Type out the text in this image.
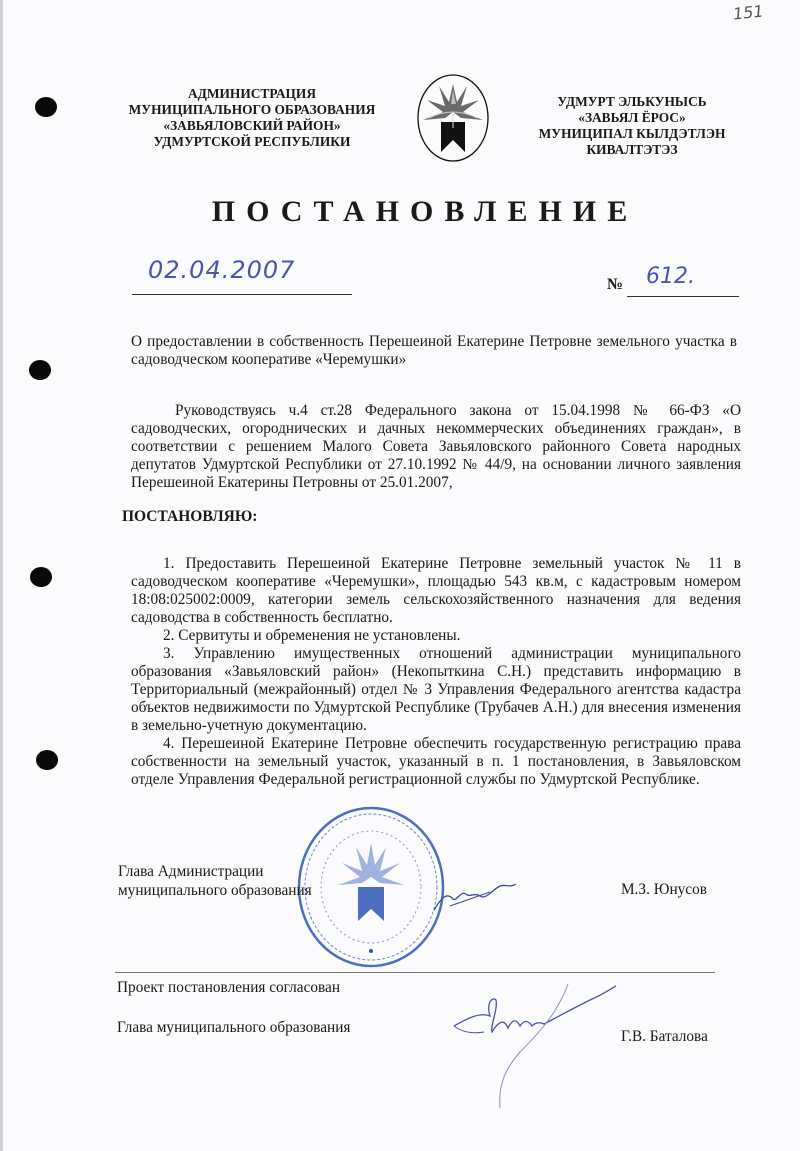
151
АДМИНИСТРАЦИЯ
МУНИЦИПАЛЬНОГО ОБРАЗОВАНИЯ
«ЗАВЬЯЛОВСКИЙ РАЙОН»
УДМУРТСКОЙ РЕСПУБЛИКИ
УДМУРТ ЭЛЬКУНЫСЬ
«ЗАВЬЯЛ ЁРОС»
МУНИЦИПАЛ КЫЛДЭТЛЭН
КИВАЛТЭТЭЗ
ПОСТАНОВЛЕНИЕ
02.04.2007
№ 612.
О предоставлении в собственность Перешеиной Екатерине Петровне земельного участка в садоводческом кооперативе «Черемушки»
Руководствуясь ч.4 ст.28 Федерального закона от 15.04.1998 № 66-ФЗ «О садоводческих, огороднических и дачных некоммерческих объединениях граждан», в соответствии с решением Малого Совета Завьяловского районного Совета народных депутатов Удмуртской Республики от 27.10.1992 № 44/9, на основании личного заявления Перешеиной Екатерины Петровны от 25.01.2007,
ПОСТАНОВЛЯЮ:

1. Предоставить Перешеиной Екатерине Петровне земельный участок № 11 в садоводческом кооперативе «Черемушки», площадью 543 кв.м, с кадастровым номером 18:08:025002:0009, категории земель сельскохозяйственного назначения для ведения садоводства в собственность бесплатно.

2. Сервитуты и обременения не установлены.

3. Управлению имущественных отношений администрации муниципального образования «Завьяловский район» (Некопыткина С.Н.) представить информацию в Территориальный (межрайонный) отдел № 3 Управления Федерального агентства кадастра объектов недвижимости по Удмуртской Республике (Трубачев А.Н.) для внесения изменения в земельно-учетную документацию.

4. Перешеиной Екатерине Петровне обеспечить государственную регистрацию права собственности на земельный участок, указанный в п. 1 постановления, в Завьяловском отделе Управления Федеральной регистрационной службы по Удмуртской Республике.

Глава Администрации
муниципального образования	М.З. Юнусов
Проект постановления согласован
Глава муниципального образования
Г.В. Баталова
